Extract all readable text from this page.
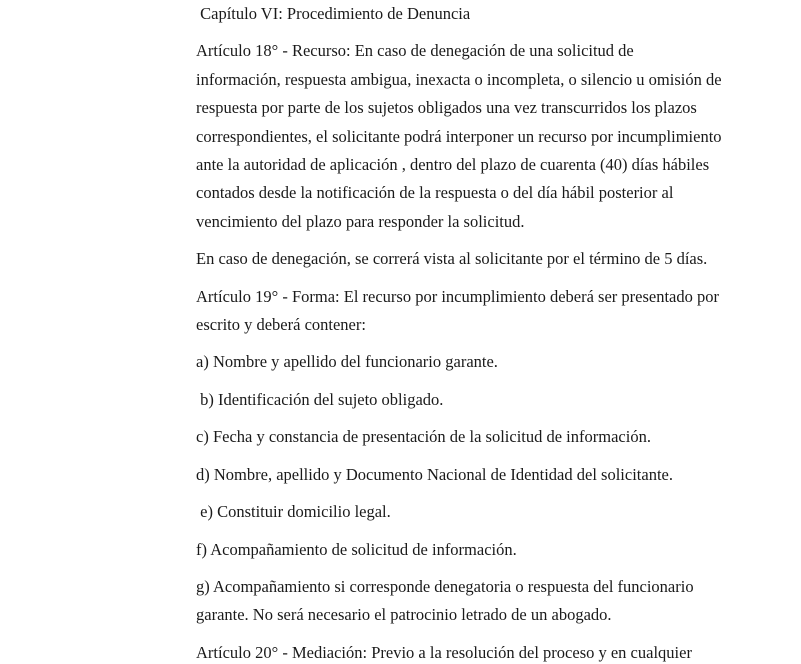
Capítulo VI: Procedimiento de Denuncia

Artículo 18° - Recurso: En caso de denegación de una solicitud de
información, respuesta ambigua, inexacta o incompleta, o silencio u omisión de
respuesta por parte de los sujetos obligados una vez transcurridos los plazos
correspondientes, el solicitante podrá interponer un recurso por incumplimiento
ante la autoridad de aplicación , dentro del plazo de cuarenta (40) días hábiles
contados desde la notificación de la respuesta o del día hábil posterior al
vencimiento del plazo para responder la solicitud.

En caso de denegación, se correrá vista al solicitante por el término de 5 días.

Artículo 19° - Forma: El recurso por incumplimiento deberá ser presentado por
escrito y deberá contener:

a) Nombre y apellido del funcionario garante.

b) Identificación del sujeto obligado.

c) Fecha y constancia de presentación de la solicitud de información.

d) Nombre, apellido y Documento Nacional de Identidad del solicitante.

e) Constituir domicilio legal.

f) Acompañamiento de solicitud de información.

g) Acompañamiento si corresponde denegatoria o respuesta del funcionario
garante. No será necesario el patrocinio letrado de un abogado.

Artículo 20° - Mediación: Previo a la resolución del proceso y en cualquier
